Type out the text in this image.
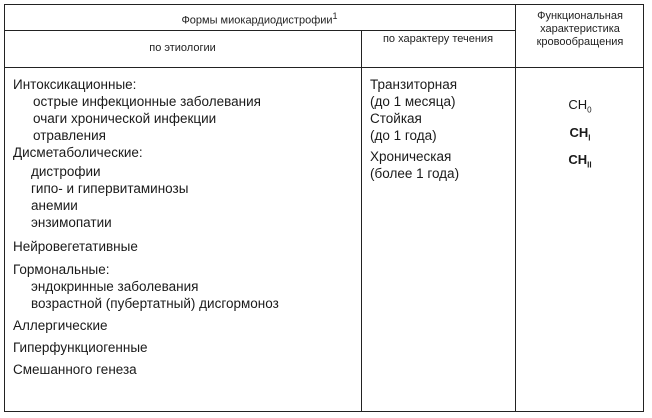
Формы миокардиодистрофии$^1$
по этиологии
по характеру течения
Функциональная характеристика кровообращения
Интоксикационные:
острые инфекционные заболевания
очаги хронической инфекции
отравления
Дисметаболические:
дистрофии
гипо- и гипервитаминозы
анемии
энзимопатии
Нейровегетативные
Гормональные:
эндокринные заболевания
возрастной (пубертатный) дисгормоноз
Аллергические
Гиперфункциогенные
Смешанного генеза
Транзиторная
(до 1 месяца)
Стойкая
(до 1 года)
Хроническая
(более 1 года)
$CH_0$
$CH_I$
$CH_{II}$
